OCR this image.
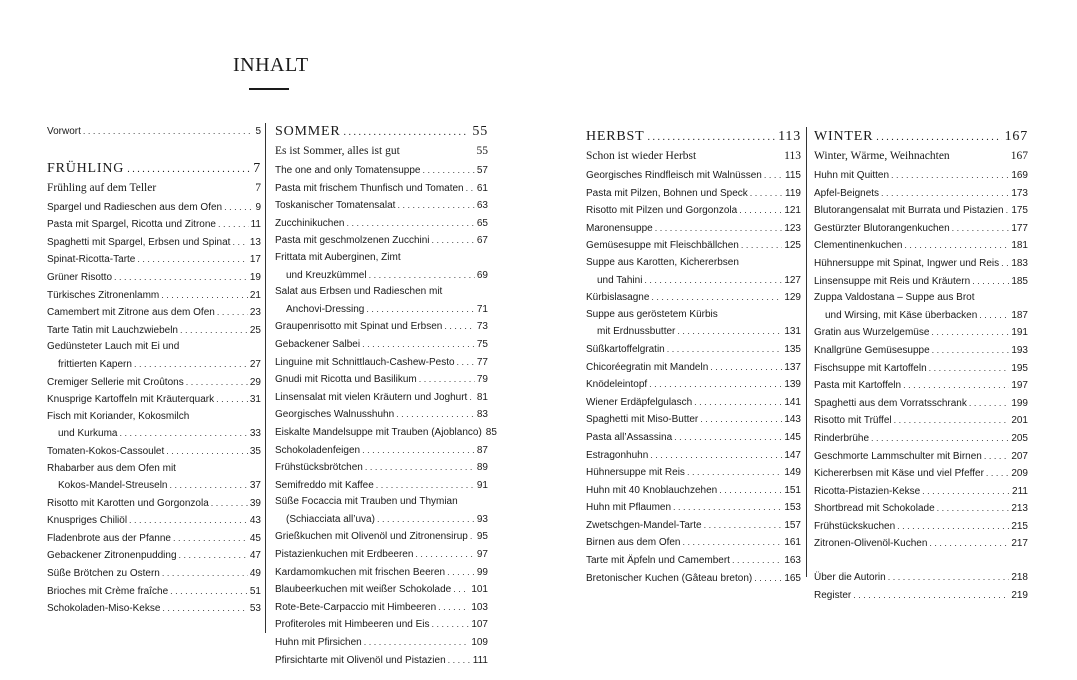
INHALT
Vorwort . . .	5
FRÜHLING . . .	7
Frühling auf dem Teller	7
Spargel und Radieschen aus dem Ofen . . .	9
Pasta mit Spargel, Ricotta und Zitrone . . .	11
Spaghetti mit Spargel, Erbsen und Spinat . . . 13
Spinat-Ricotta-Tarte . . .	17
Grüner Risotto . . .	19
Türkisches Zitronenlamm . . .	21
Camembert mit Zitrone aus dem Ofen . . .	23
Tarte Tatin mit Lauchzwiebeln . . .	25
Gedünsteter Lauch mit Ei und
frittierten Kapern . . .	27
Cremiger Sellerie mit Croûtons . . .	29
Knusprige Kartoffeln mit Kräuterquark . . .	31
Fisch mit Koriander, Kokosmilch
und Kurkuma . . .	33
Tomaten-Kokos-Cassoulet . . .	35
Rhabarber aus dem Ofen mit
Kokos-Mandel-Streuseln . . .	37
Risotto mit Karotten und Gorgonzola . . .	39
Knuspriges Chiliöl . . .	43
Fladenbrote aus der Pfanne . . .	45
Gebackener Zitronenpudding . . .	47
Süße Brötchen zu Ostern . . .	49
Brioches mit Crème fraîche . . .	51
Schokoladen-Miso-Kekse . . .	53
SOMMER . . .	55
Es ist Sommer, alles ist gut	55
The one and only Tomatensuppe . . .	57
Pasta mit frischem Thunfisch und Tomaten . . . 61
Toskanischer Tomatensalat . . .	63
Zucchinikuchen . . .	65
Pasta mit geschmolzenen Zucchini . . .	67
Frittata mit Auberginen, Zimt
und Kreuzkümmel . . .	69
Salat aus Erbsen und Radieschen mit
Anchovi-Dressing . . .	71
Graupenrisotto mit Spinat und Erbsen . . .	73
Gebackener Salbei . . .	75
Linguine mit Schnittlauch-Cashew-Pesto . . . 77
Gnudi mit Ricotta und Basilikum . . .	79
Linsensalat mit vielen Kräutern und Joghurt . . . 81
Georgisches Walnusshuhn . . .	83
Eiskalte Mandelsuppe mit Trauben (Ajoblanco) 85
Schokoladenfeigen . . .	87
Frühstücksbrötchen . . .	89
Semifreddo mit Kaffee . . .	91
Süße Focaccia mit Trauben und Thymian
(Schiacciata all’uva) . . .	93
Grießkuchen mit Olivenöl und Zitronensirup . . . 95
Pistazienkuchen mit Erdbeeren . . .	97
Kardamomkuchen mit frischen Beeren . . .	99
Blaubeerkuchen mit weißer Schokolade . . . 101
Rote-Bete-Carpaccio mit Himbeeren . . .	103
Profiteroles mit Himbeeren und Eis . . .	107
Huhn mit Pfirsichen . . .	109
Pfirsichtarte mit Olivenöl und Pistazien . . .	111
HERBST . . .	113
Schon ist wieder Herbst	113
Georgisches Rindfleisch mit Walnüssen . . . 115
Pasta mit Pilzen, Bohnen und Speck . . .	119
Risotto mit Pilzen und Gorgonzola . . .	121
Maronensuppe . . .	123
Gemüsesuppe mit Fleischbällchen . . .	125
Suppe aus Karotten, Kichererbsen
und Tahini . . .	127
Kürbislasagne . . .	129
Suppe aus geröstetem Kürbis
mit Erdnussbutter . . .	131
Süßkartoffelgratin . . .	135
Chicoréegratin mit Mandeln . . .	137
Knödeleintopf . . .	139
Wiener Erdäpfelgulasch . . .	141
Spaghetti mit Miso-Butter . . .	143
Pasta all’Assassina . . .	145
Estragonhuhn . . .	147
Hühnersuppe mit Reis . . .	149
Huhn mit 40 Knoblauchzehen . . .	151
Huhn mit Pflaumen . . .	153
Zwetschgen-Mandel-Tarte . . .	157
Birnen aus dem Ofen . . .	161
Tarte mit Äpfeln und Camembert . . .	163
Bretonischer Kuchen (Gâteau breton) . . .	165
WINTER . . .	167
Winter, Wärme, Weihnachten	167
Huhn mit Quitten . . .	169
Apfel-Beignets . . .	173
Blutorangensalat mit Burrata und Pistazien . . . 175
Gestürzter Blutorangenkuchen . . .	177
Clementinenkuchen . . .	181
Hühnersuppe mit Spinat, Ingwer und Reis . . . 183
Linsensuppe mit Reis und Kräutern . . .	185
Zuppa Valdostana – Suppe aus Brot
und Wirsing, mit Käse überbacken . . .	187
Gratin aus Wurzelgemüse . . .	191
Knallgrüne Gemüsesuppe . . .	193
Fischsuppe mit Kartoffeln . . .	195
Pasta mit Kartoffeln . . .	197
Spaghetti aus dem Vorratsschrank . . .	199
Risotto mit Trüffel . . .	201
Rinderbrühe . . .	205
Geschmorte Lammschulter mit Birnen . . .	207
Kichererbsen mit Käse und viel Pfeffer . . .	209
Ricotta-Pistazien-Kekse . . .	211
Shortbread mit Schokolade . . .	213
Frühstückskuchen . . .	215
Zitronen-Olivenöl-Kuchen . . .	217
Über die Autorin . . .	218
Register . . .	219
